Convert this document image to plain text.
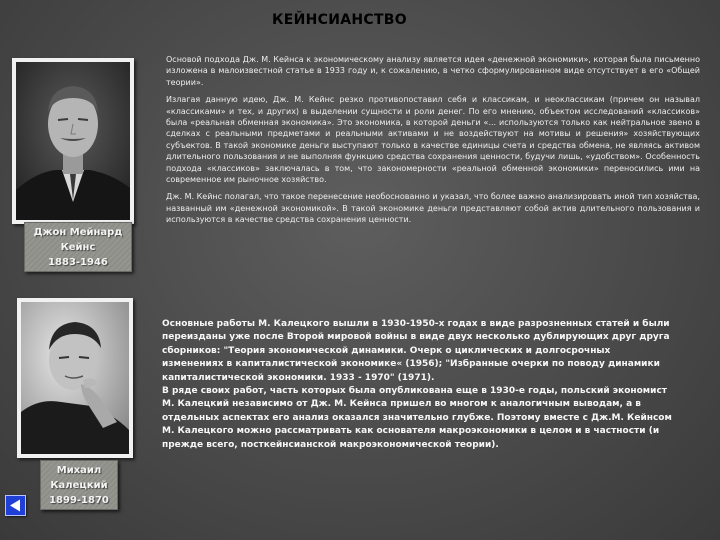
КЕЙНСИАНСТВО
Джон Мейнард
Кейнс
1883-1946

Основой подхода Дж. М. Кейнса к экономическому анализу является идея «денежной экономики», которая была письменно изложена в малоизвестной статье в 1933 году и, к сожалению, в четко сформулированном виде отсутствует в его «Общей теории».

Излагая данную идею, Дж. М. Кейнс резко противопоставил себя и классикам, и неоклассикам (причем он называл «классиками» и тех, и других) в выделении сущности и роли денег. По его мнению, объектом исследований «классиков» была «реальная обменная экономика». Это экономика, в которой деньги «... используются только как нейтральное звено в сделках с реальными предметами и реальными активами и не воздействуют на мотивы и решения» хозяйствующих субъектов. В такой экономике деньги выступают только в качестве единицы счета и средства обмена, не являясь активом длительного пользования и не выполняя функцию средства сохранения ценности, будучи лишь, «удобством». Особенность подхода «классиков» заключалась в том, что закономерности «реальной обменной экономики» переносились ими на современное им рыночное хозяйство.

Дж. М. Кейнс полагал, что такое перенесение необоснованно и указал, что более важно анализировать иной тип хозяйства, названный им «денежной экономикой». В такой экономике деньги представляют собой актив длительного пользования и используются в качестве средства сохранения ценности.

Михаил
Калецкий
1899-1870

Основные работы М. Калецкого вышли в 1930-1950-х годах в виде разрозненных статей и были переизданы уже после Второй мировой войны в виде двух несколько дублирующих друг друга сборников: "Теория экономической динамики. Очерк о циклических и долгосрочных изменениях в капиталистической экономике« (1956); "Избранные очерки по поводу динамики капиталистической экономики. 1933 - 1970" (1971).

В ряде своих работ, часть которых была опубликована еще в 1930-е годы, польский экономист М. Калецкий независимо от Дж. М. Кейнса пришел во многом к аналогичным выводам, а в отдельных аспектах его анализ оказался значительно глубже. Поэтому вместе с Дж.М. Кейнсом М. Калецкого можно рассматривать как основателя макроэкономики в целом и в частности (и прежде всего, посткейнсианской макроэкономической теории).
